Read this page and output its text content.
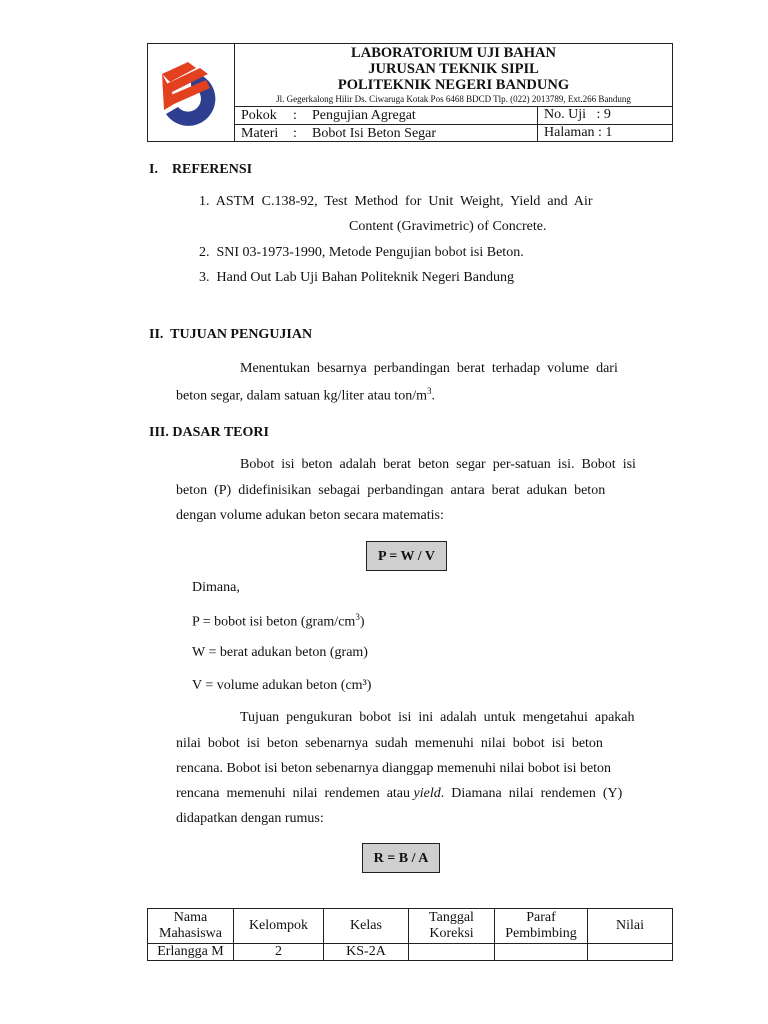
LABORATORIUM UJI BAHAN
JURUSAN TEKNIK SIPIL
POLITEKNIK NEGERI BANDUNG
Jl. Gegerkalong Hilir Ds. Ciwaruga Kotak Pos 6468 BDCD Tlp. (022) 2013789, Ext.266 Bandung
Pokok : Pengujian Agregat	No. Uji   : 9
Materi : Bobot Isi Beton Segar	Halaman : 1
I.    REFERENSI
1.  ASTM  C.138-92,  Test  Method  for  Unit  Weight,  Yield  and  Air
Content (Gravimetric) of Concrete.
2.  SNI 03-1973-1990, Metode Pengujian bobot isi Beton.
3.  Hand Out Lab Uji Bahan Politeknik Negeri Bandung
II.  TUJUAN PENGUJIAN
Menentukan  besarnya  perbandingan  berat  terhadap  volume  dari
beton segar, dalam satuan kg/liter atau ton/$m^3$.
III. DASAR TEORI
Bobot  isi  beton  adalah  berat  beton  segar  per-satuan  isi.  Bobot  isi
beton  (P)  didefinisikan  sebagai  perbandingan  antara  berat  adukan  beton
dengan volume adukan beton secara matematis:
P = W / V
Dimana,
P = bobot isi beton $(gram/cm^3)$
W = berat adukan beton (gram)
V = volume adukan beton (cm³)
Tujuan  pengukuran  bobot  isi  ini  adalah  untuk  mengetahui  apakah
nilai  bobot  isi  beton  sebenarnya  sudah  memenuhi  nilai  bobot  isi  beton
rencana. Bobot isi beton sebenarnya dianggap memenuhi nilai bobot isi beton
rencana  memenuhi  nilai  rendemen  atau yield.  Diamana  nilai  rendemen  (Y)
didapatkan dengan rumus:
R = B / A
Nama Mahasiswa	Kelompok	Kelas	Tanggal Koreksi	Paraf Pembimbing	Nilai
Erlangga M	2	KS-2A			
